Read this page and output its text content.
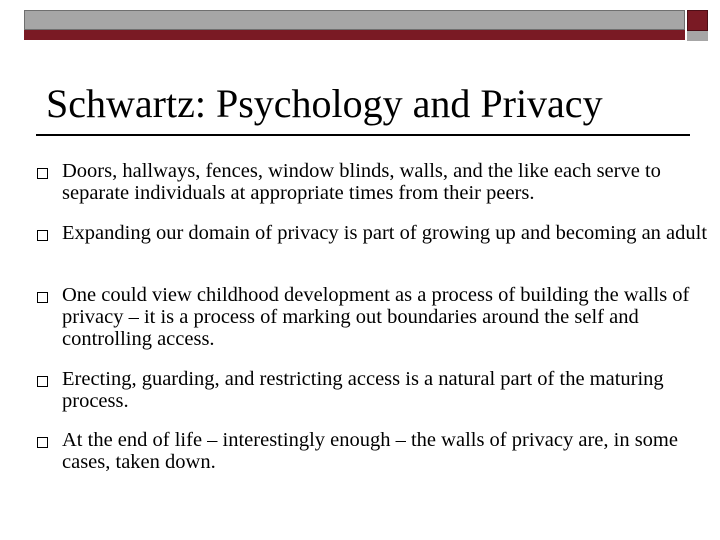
Schwartz: Psychology and Privacy
Doors, hallways, fences, window blinds, walls, and the like each serve to separate individuals at appropriate times from their peers.
Expanding our domain of privacy is part of growing up and becoming an adult
One could view childhood development as a process of building the walls of privacy – it is a process of marking out boundaries around the self and controlling access.
Erecting, guarding, and restricting access is a natural part of the maturing process.
At the end of life – interestingly enough – the walls of privacy are, in some cases, taken down.
